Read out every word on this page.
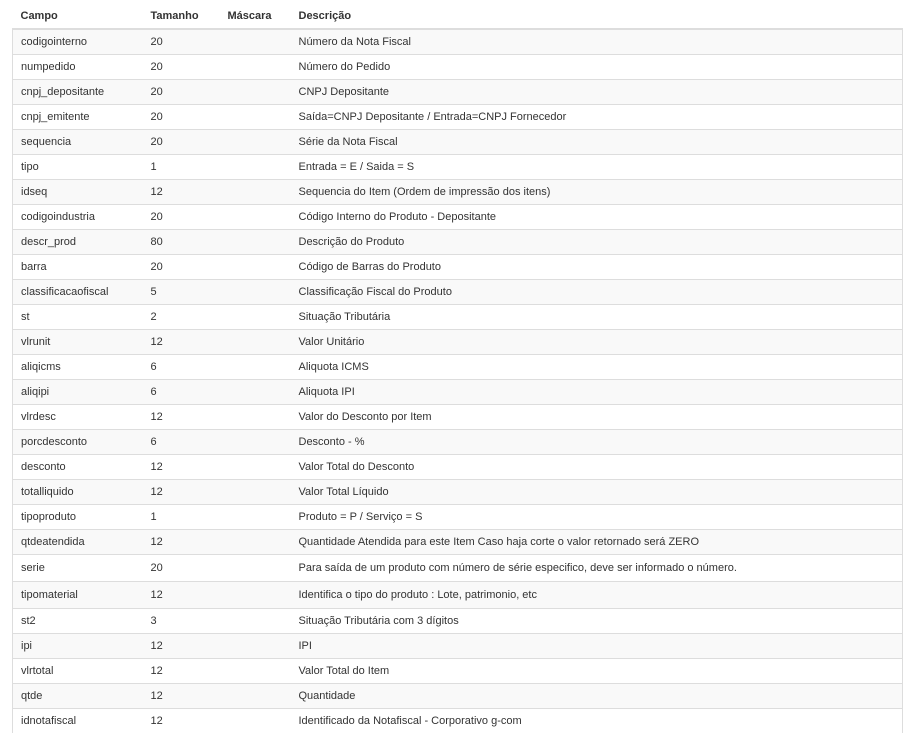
Campo	Tamanho	Máscara	Descrição
codigointerno	20		Número da Nota Fiscal
numpedido	20		Número do Pedido
cnpj_depositante	20		CNPJ Depositante
cnpj_emitente	20		Saída=CNPJ Depositante / Entrada=CNPJ Fornecedor
sequencia	20		Série da Nota Fiscal
tipo	1		Entrada = E / Saida = S
idseq	12		Sequencia do Item (Ordem de impressão dos itens)
codigoindustria	20		Código Interno do Produto - Depositante
descr_prod	80		Descrição do Produto
barra	20		Código de Barras do Produto
classificacaofiscal	5		Classificação Fiscal do Produto
st	2		Situação Tributária
vlrunit	12		Valor Unitário
aliqicms	6		Aliquota ICMS
aliqipi	6		Aliquota IPI
vlrdesc	12		Valor do Desconto por Item
porcdesconto	6		Desconto - %
desconto	12		Valor Total do Desconto
totalliquido	12		Valor Total Líquido
tipoproduto	1		Produto = P / Serviço = S
qtdeatendida	12		Quantidade Atendida para este Item Caso haja corte o valor retornado será ZERO
serie	20		Para saída de um produto com número de série especifico, deve ser informado o número.
tipomaterial	12		Identifica o tipo do produto : Lote, patrimonio, etc
st2	3		Situação Tributária com 3 dígitos
ipi	12		IPI
vlrtotal	12		Valor Total do Item
qtde	12		Quantidade
idnotafiscal	12		Identificado da Notafiscal - Corporativo g-com
